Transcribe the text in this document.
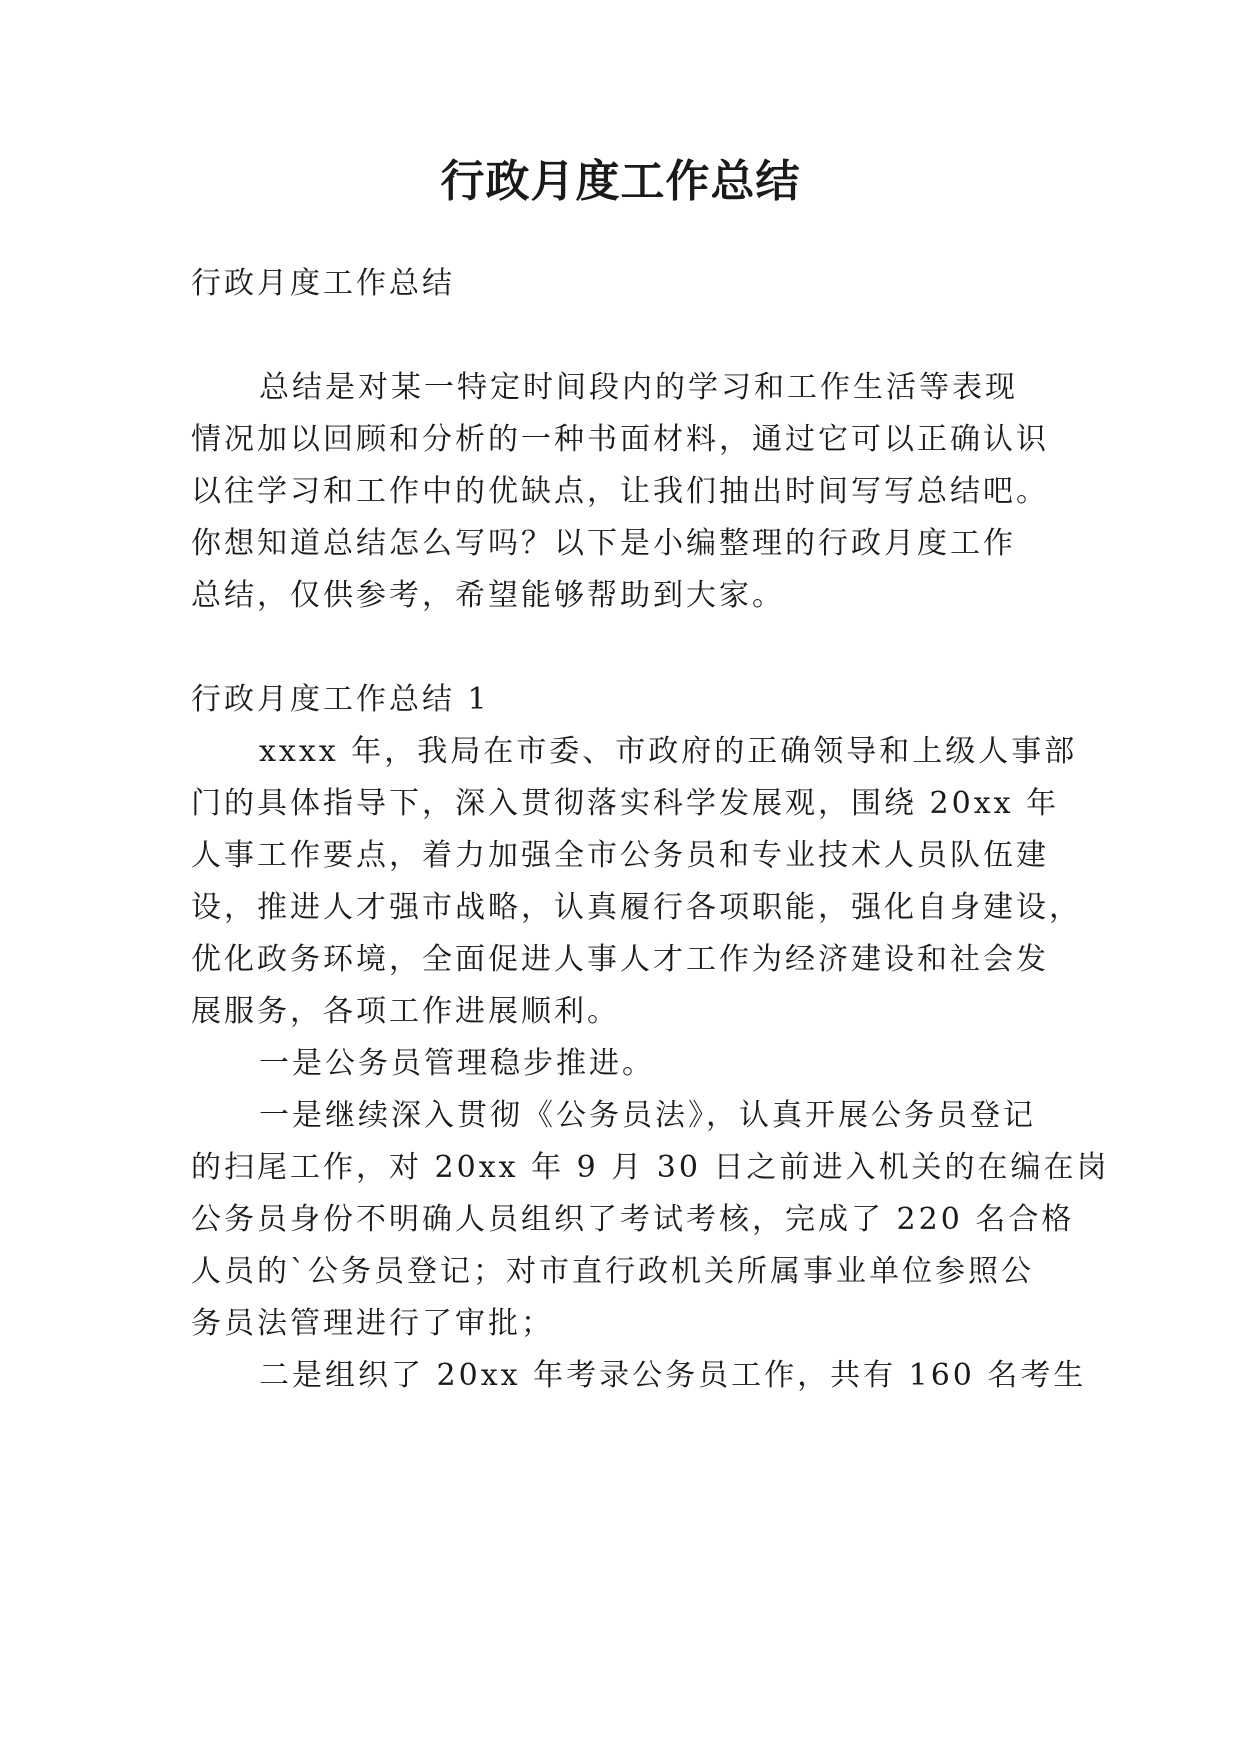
行政月度工作总结

行政月度工作总结

总结是对某一特定时间段内的学习和工作生活等表现

情况加以回顾和分析的一种书面材料，通过它可以正确认识

以往学习和工作中的优缺点，让我们抽出时间写写总结吧。

你想知道总结怎么写吗？以下是小编整理的行政月度工作

总结，仅供参考，希望能够帮助到大家。

行政月度工作总结 1

xxxx 年，我局在市委、市政府的正确领导和上级人事部

门的具体指导下，深入贯彻落实科学发展观，围绕 20xx 年

人事工作要点，着力加强全市公务员和专业技术人员队伍建

设，推进人才强市战略，认真履行各项职能，强化自身建设，

优化政务环境，全面促进人事人才工作为经济建设和社会发

展服务，各项工作进展顺利。

一是公务员管理稳步推进。

一是继续深入贯彻《公务员法》，认真开展公务员登记

的扫尾工作，对 20xx 年 9 月 30 日之前进入机关的在编在岗

公务员身份不明确人员组织了考试考核，完成了 220 名合格

人员的`公务员登记；对市直行政机关所属事业单位参照公

务员法管理进行了审批；

二是组织了 20xx 年考录公务员工作，共有 160 名考生
